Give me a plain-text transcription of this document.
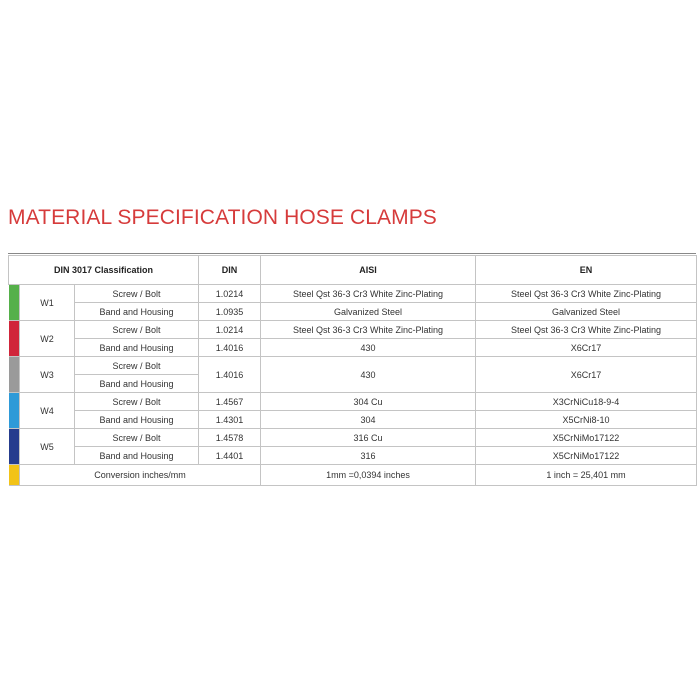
MATERIAL SPECIFICATION HOSE CLAMPS
DIN 3017 Classification			DIN	AISI	EN

	W1	Screw / Bolt	1.0214	Steel Qst 36-3 Cr3 White Zinc-Plating	Steel Qst 36-3 Cr3 White Zinc-Plating
		Band and Housing	1.0935	Galvanized Steel	Galvanized Steel

	W2	Screw / Bolt	1.0214	Steel Qst 36-3 Cr3 White Zinc-Plating	Steel Qst 36-3 Cr3 White Zinc-Plating
		Band and Housing	1.4016	430	X6Cr17

	W3	Screw / Bolt	1.4016	430	X6Cr17
		Band and Housing			

	W4	Screw / Bolt	1.4567	304 Cu	X3CrNiCu18-9-4
		Band and Housing	1.4301	304	X5CrNi8-10

	W5	Screw / Bolt	1.4578	316 Cu	X5CrNiMo17122
		Band and Housing	1.4401	316	X5CrNiMo17122

	Conversion inches/mm			1mm =0,0394 inches	1 inch = 25,401 mm
